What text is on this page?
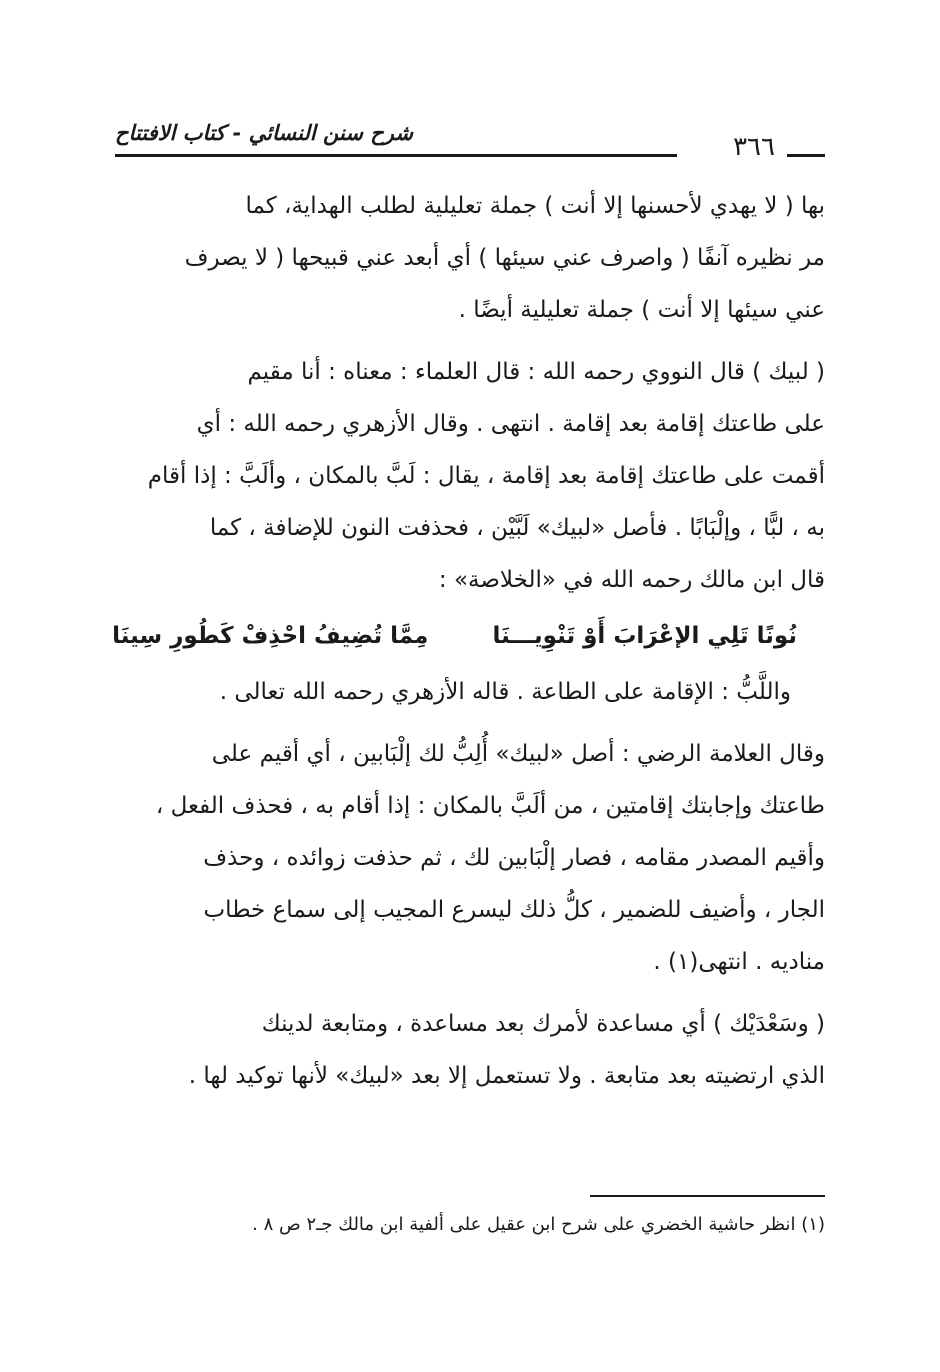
شرح سنن النسائي - كتاب الافتتاح	٣٦٦
بها ( لا يهدي لأحسنها إلا أنت ) جملة تعليلية لطلب الهداية، كما
مر نظيره آنفًا ( واصرف عني سيئها ) أي أبعد عني قبيحها ( لا يصرف
عني سيئها إلا أنت ) جملة تعليلية أيضًا .
( لبيك ) قال النووي رحمه الله : قال العلماء : معناه : أنا مقيم
على طاعتك إقامة بعد إقامة . انتهى . وقال الأزهري رحمه الله : أي
أقمت على طاعتك إقامة بعد إقامة ، يقال : لَبَّ بالمكان ، وألَبَّ : إذا أقام
به ، لبًّا ، وإلْبَابًا . فأصل «لبيك» لَبَّيْن ، فحذفت النون للإضافة ، كما
قال ابن مالك رحمه الله في «الخلاصة» :
نُونًا تَلِي الإعْرَابَ أَوْ تَنْوِيـــنَا مِمَّا تُضِيفُ احْذِفْ كَطُورِ سِينَا
واللَّبُّ : الإقامة على الطاعة . قاله الأزهري رحمه الله تعالى .
وقال العلامة الرضي : أصل «لبيك» أُلِبُّ لك إلْبَابين ، أي أقيم على
طاعتك وإجابتك إقامتين ، من ألَبَّ بالمكان : إذا أقام به ، فحذف الفعل ،
وأقيم المصدر مقامه ، فصار إلْبَابين لك ، ثم حذفت زوائده ، وحذف
الجار ، وأضيف للضمير ، كلُّ ذلك ليسرع المجيب إلى سماع خطاب
مناديه . انتهى(١) .
( وسَعْدَيْك ) أي مساعدة لأمرك بعد مساعدة ، ومتابعة لدينك
الذي ارتضيته بعد متابعة . ولا تستعمل إلا بعد «لبيك» لأنها توكيد لها .
(١) انظر حاشية الخضري على شرح ابن عقيل على ألفية ابن مالك جـ٢ ص ٨ .
